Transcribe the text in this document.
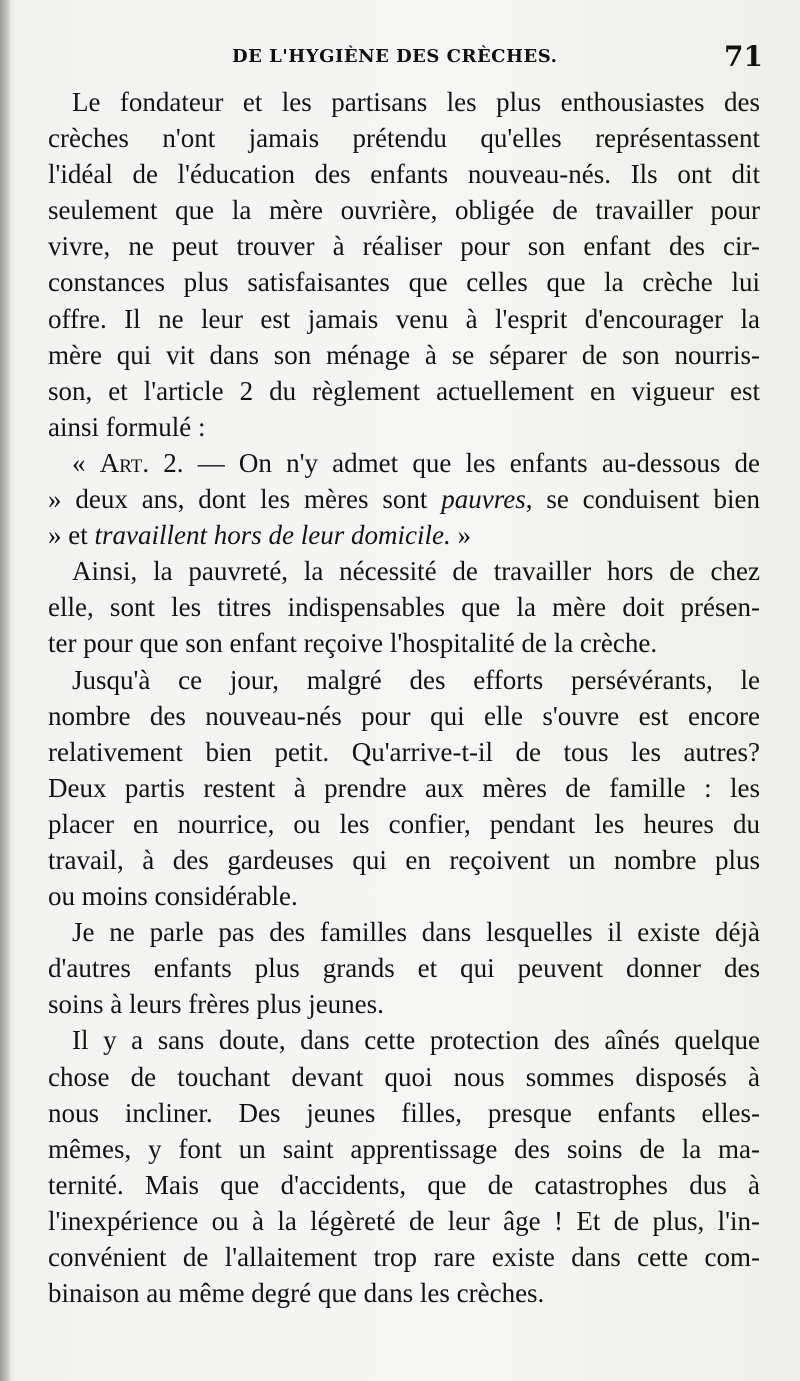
DE L'HYGIÈNE DES CRÈCHES.	71
Le fondateur et les partisans les plus enthousiastes des
crèches n'ont jamais prétendu qu'elles représentassent
l'idéal de l'éducation des enfants nouveau-nés. Ils ont dit
seulement que la mère ouvrière, obligée de travailler pour
vivre, ne peut trouver à réaliser pour son enfant des cir-
constances plus satisfaisantes que celles que la crèche lui
offre. Il ne leur est jamais venu à l'esprit d'encourager la
mère qui vit dans son ménage à se séparer de son nourris-
son, et l'article 2 du règlement actuellement en vigueur est
ainsi formulé :
« Art. 2. — On n'y admet que les enfants au-dessous de
» deux ans, dont les mères sont pauvres, se conduisent bien
» et travaillent hors de leur domicile. »
Ainsi, la pauvreté, la nécessité de travailler hors de chez
elle, sont les titres indispensables que la mère doit présen-
ter pour que son enfant reçoive l'hospitalité de la crèche.
Jusqu'à ce jour, malgré des efforts persévérants, le
nombre des nouveau-nés pour qui elle s'ouvre est encore
relativement bien petit. Qu'arrive-t-il de tous les autres?
Deux partis restent à prendre aux mères de famille : les
placer en nourrice, ou les confier, pendant les heures du
travail, à des gardeuses qui en reçoivent un nombre plus
ou moins considérable.
Je ne parle pas des familles dans lesquelles il existe déjà
d'autres enfants plus grands et qui peuvent donner des
soins à leurs frères plus jeunes.
Il y a sans doute, dans cette protection des aînés quelque
chose de touchant devant quoi nous sommes disposés à
nous incliner. Des jeunes filles, presque enfants elles-
mêmes, y font un saint apprentissage des soins de la ma-
ternité. Mais que d'accidents, que de catastrophes dus à
l'inexpérience ou à la légèreté de leur âge ! Et de plus, l'in-
convénient de l'allaitement trop rare existe dans cette com-
binaison au même degré que dans les crèches.
